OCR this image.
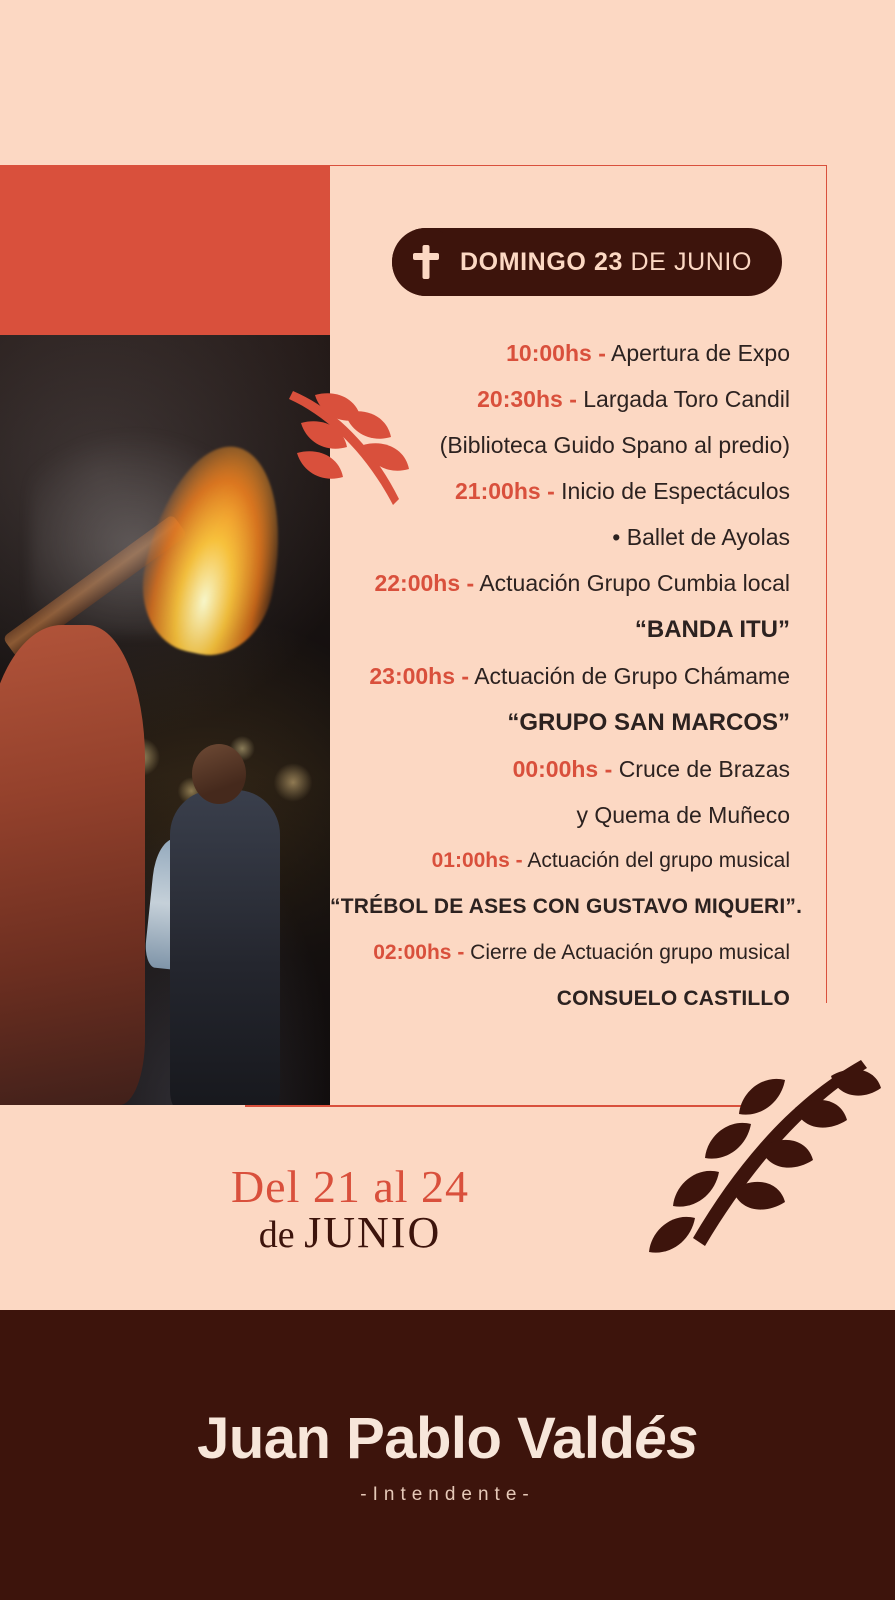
DOMINGO 23 DE JUNIO
10:00hs - Apertura de Expo
20:30hs - Largada Toro Candil
(Biblioteca Guido Spano al predio)
21:00hs - Inicio de Espectáculos
• Ballet de Ayolas
22:00hs - Actuación Grupo Cumbia local
“BANDA ITU”
23:00hs - Actuación de Grupo Chámame
“GRUPO SAN MARCOS”
00:00hs - Cruce de Brazas
y Quema de Muñeco
01:00hs - Actuación del grupo musical
“TRÉBOL DE ASES CON GUSTAVO MIQUERI”.
02:00hs - Cierre de Actuación grupo musical
CONSUELO CASTILLO
Del 21 al 24
de JUNIO
Juan Pablo Valdés
-Intendente-
